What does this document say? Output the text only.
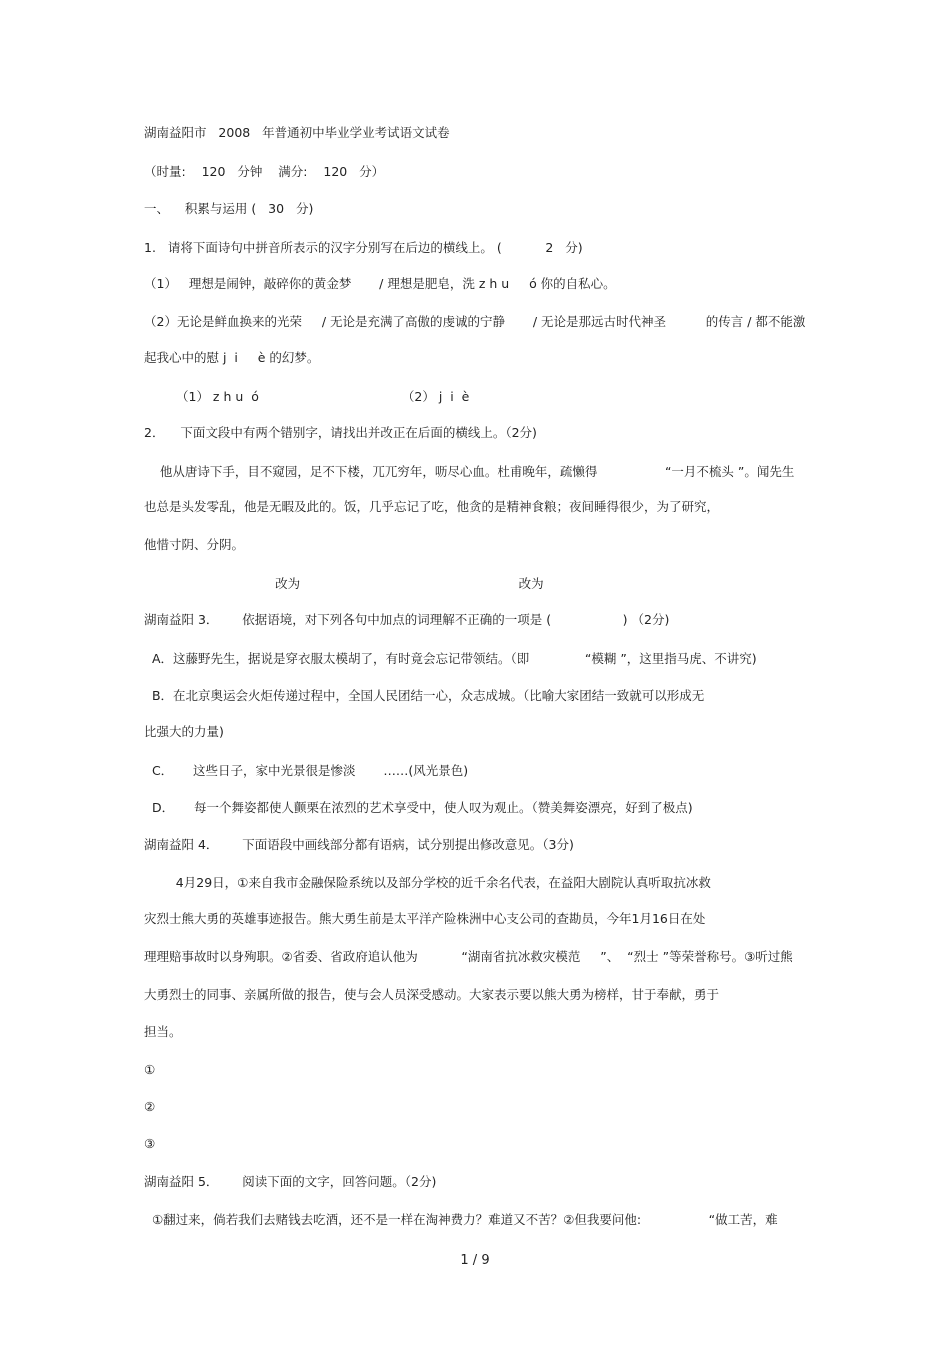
湖南益阳市   2008   年普通初中毕业学业考试语文试卷
（时量:    120   分钟    满分:    120   分）
一、    积累与运用 (   30   分)
1.   请将下面诗句中拼音所表示的汉字分别写在后边的横线上。 (           2   分)
（1）   理想是闹钟，敲碎你的黄金梦       / 理想是肥皂，洗 z h u     ó 你的自私心。
（2）无论是鲜血换来的光荣     / 无论是充满了高傲的虔诚的宁静       / 无论是那远古时代神圣          的传言 / 都不能激
起我心中的慰 j  i     è 的幻梦。
（1） z h u  ó                                    （2） j  i  è
2．    下面文段中有两个错别字，请找出并改正在后面的横线上。（2分)
他从唐诗下手，目不窥园，足不下楼，兀兀穷年，呖尽心血。杜甫晚年，疏懒得                 “一月不梳头 ”。闻先生
也总是头发零乱，他是无暇及此的。饭，几乎忘记了吃，他贪的是精神食粮；夜间睡得很少，为了研究，
他惜寸阴、分阴。
改为                                                       改为
湖南益阳 3．      依据语境，对下列各句中加点的词理解不正确的一项是 (                  ) （2分)
A．这藤野先生，据说是穿衣服太模胡了，有时竟会忘记带领结。（即              “模糊 ”，这里指马虎、不讲究)
B．在北京奥运会火炬传递过程中，全国人民团结一心，众志成城。（比喻大家团结一致就可以形成无
比强大的力量)
C．     这些日子，家中光景很是惨淡       ……(风光景色)
D．     每一个舞姿都使人颤栗在浓烈的艺术享受中，使人叹为观止。（赞美舞姿漂亮，好到了极点)
湖南益阳 4．      下面语段中画线部分都有语病，试分别提出修改意见。（3分)
4月29日，①来自我市金融保险系统以及部分学校的近千余名代表，在益阳大剧院认真听取抗冰救
灾烈士熊大勇的英雄事迹报告。熊大勇生前是太平洋产险株洲中心支公司的查勘员，今年1月16日在处
理理赔事故时以身殉职。②省委、省政府追认他为           “湖南省抗冰救灾模范     ”、  “烈士 ”等荣誉称号。③听过熊
大勇烈士的同事、亲属所做的报告，使与会人员深受感动。大家表示要以熊大勇为榜样，甘于奉献，勇于
担当。
①
②
③
湖南益阳 5．      阅读下面的文字，回答问题。（2分)
①翻过来，倘若我们去赌钱去吃酒，还不是一样在淘神费力？难道又不苦？②但我要问他:                 “做工苦，难
1 / 9
